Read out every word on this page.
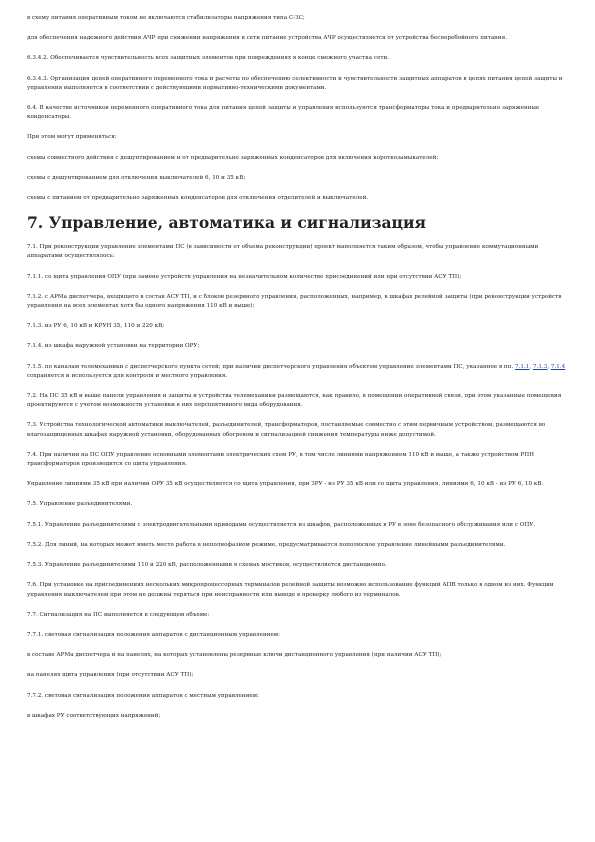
в схему питания оперативным током не включаются стабилизаторы напряжения типа С-ЗС;

для обеспечения надежного действия АЧР при снижении напряжения в сети питание устройства АЧР осуществляется от устройства бесперебойного питания.

6.3.4.2. Обеспечивается чувствительность всех защитных элементов при повреждениях в конце смежного участка сети.

6.3.4.3. Организация цепей оперативного переменного тока и расчеты по обеспечению селективности и чувствительности защитных аппаратов в цепях питания цепей защиты и управления выполняется в соответствии с действующими нормативно-техническими документами.

6.4. В качестве источников переменного оперативного тока для питания цепей защиты и управления используются трансформаторы тока и предварительно заряженные конденсаторы.

При этом могут применяться:

схемы совместного действия с дешунтированием и от предварительно заряженных конденсаторов для включения короткозамыкателей;

схемы с дешунтированием для отключения выключателей 6, 10 и 35 кВ;

схемы с питанием от предварительно заряженных конденсаторов для отключения отделителей и выключателей.

7. Управление, автоматика и сигнализация

7.1. При реконструкции управление элементами ПС (в зависимости от объема реконструкции) проект выполняется таким образом, чтобы управление коммутационными аппаратами осуществлялось:

7.1.1. со щита управления ОПУ (при замене устройств управления на незначительном количестве присоединений или при отсутствии АСУ ТП);

7.1.2. с АРМа диспетчера, входящего в состав АСУ ТП, и с блоков резервного управления, расположенных, например, в шкафах релейной защиты (при реконструкции устройств управления на всех элементах хотя бы одного напряжения 110 кВ и выше);

7.1.3. из РУ 6, 10 кВ и КРУН 35, 110 и 220 кВ;

7.1.4. из шкафа наружной установки на территории ОРУ;

7.1.5. по каналам телемеханики с диспетчерского пункта сетей; при наличии диспетчерского управления объектом управление элементами ПС, указанное в пп. 7.1.1, 7.1.3, 7.1.4 сохраняется и используется для контроля и местного управления.

7.2. На ПС 35 кВ и выше панели управления и защиты и устройства телемеханики размещаются, как правило, в помещении оперативной связи, при этом указанные помещения проектируются с учетом возможности установки в них перспективного вида оборудования.

7.3. Устройства технологической автоматики выключателей, разъединителей, трансформаторов, поставляемые совместно с этим первичным устройством, размещаются во влагозащищенных шкафах наружной установки, оборудованных обогревом и сигнализацией снижения температуры ниже допустимой.

7.4. При наличии на ПС ОПУ управление основными элементами электрических схем РУ, в том числе линиями напряжением 110 кВ и выше, а также устройством РПН трансформаторов производится со щита управления.

Управление линиями 35 кВ при наличии ОРУ 35 кВ осуществляется со щита управления, при ЗРУ - из РУ 35 кВ или со щита управления, линиями 6, 10 кВ - из РУ 6, 10 кВ.

7.5. Управление разъединителями.

7.5.1. Управление разъединителями с электродвигательными приводами осуществляется из шкафов, расположенных в РУ в зоне безопасного обслуживания или с ОПУ.

7.5.2. Для линий, на которых может иметь место работа в неполнофазном режиме, предусматривается пополюсное управление линейными разъединителями.

7.5.3. Управление разъединителями 110 и 220 кВ, расположенными в схемах мостиков, осуществляется дистанционно.

7.6. При установке на присоединениях нескольких микропроцессорных терминалов релейной защиты возможно использование функций АПВ только в одном из них. Функции управления выключателем при этом не должны теряться при неисправности или выводе в проверку любого из терминалов.

7.7. Сигнализация на ПС выполняется в следующем объеме:

7.7.1. световая сигнализация положения аппаратов с дистанционным управлением:

в составе АРМа диспетчера и на панелях, на которых установлены резервные ключи дистанционного управления (при наличии АСУ ТП);

на панелях щита управления (при отсутствии АСУ ТП);

7.7.2. световая сигнализация положения аппаратов с местным управлением:

в шкафах РУ соответствующих напряжений;
